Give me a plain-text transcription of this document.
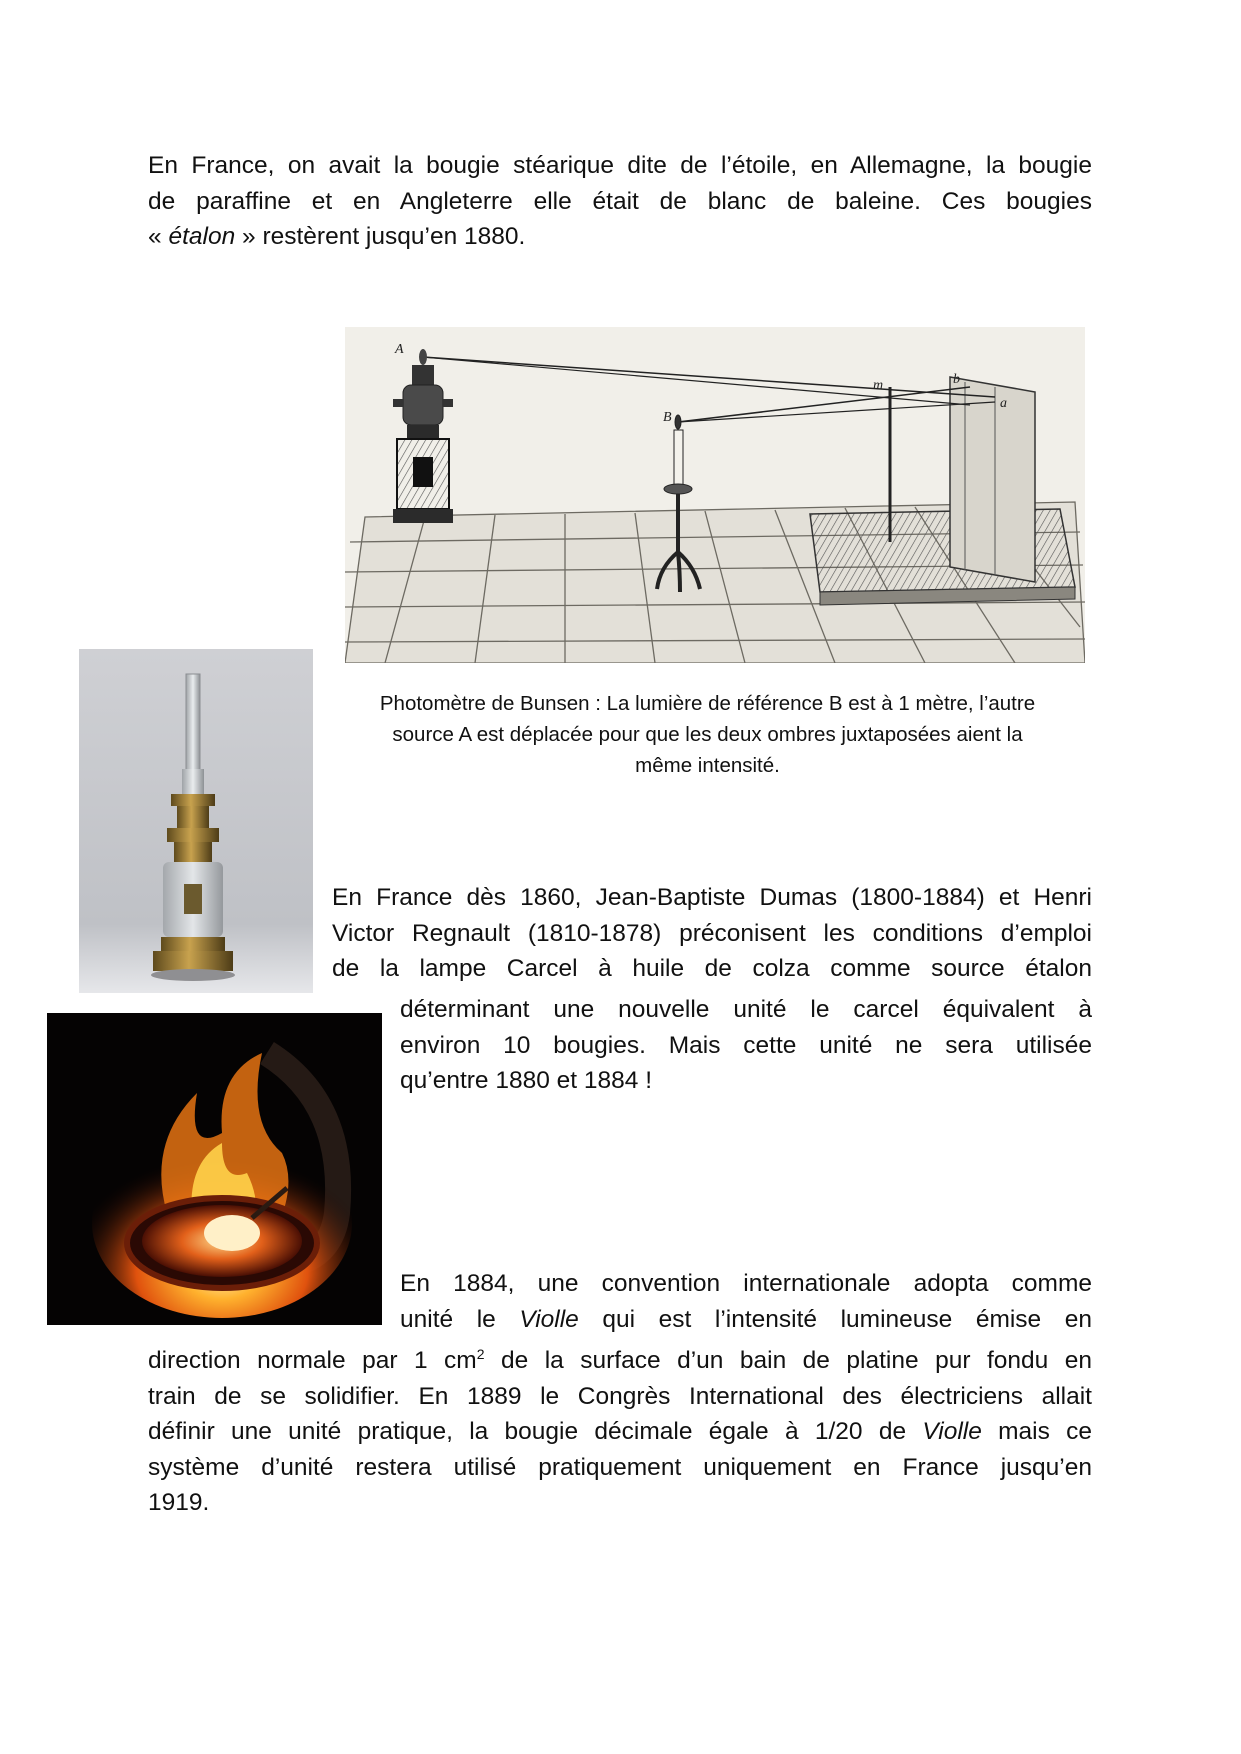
En France, on avait la bougie stéarique dite de l’étoile, en Allemagne, la bougie
de paraffine et en Angleterre elle était de blanc de baleine. Ces bougies
« étalon » restèrent jusqu’en 1880.
A
B
m	b
a
Photomètre de Bunsen : La lumière de référence B est à 1 mètre, l’autre
source A est déplacée pour que les deux ombres juxtaposées aient la
même intensité.
En France dès 1860, Jean-Baptiste Dumas (1800-1884) et Henri
Victor Regnault (1810-1878) préconisent les conditions d’emploi
de la lampe Carcel à huile de colza comme source étalon
déterminant une nouvelle unité le carcel équivalent à
environ 10 bougies. Mais cette unité ne sera utilisée
qu’entre 1880 et 1884 !
En 1884, une convention internationale adopta comme
unité le Violle qui est l’intensité lumineuse émise en
direction normale par 1 $cm^2$ de la surface d’un bain de platine pur fondu en
train de se solidifier. En 1889 le Congrès International des électriciens allait
définir une unité pratique, la bougie décimale égale à 1/20 de Violle mais ce
système d’unité restera utilisé pratiquement uniquement en France jusqu’en
1919.
